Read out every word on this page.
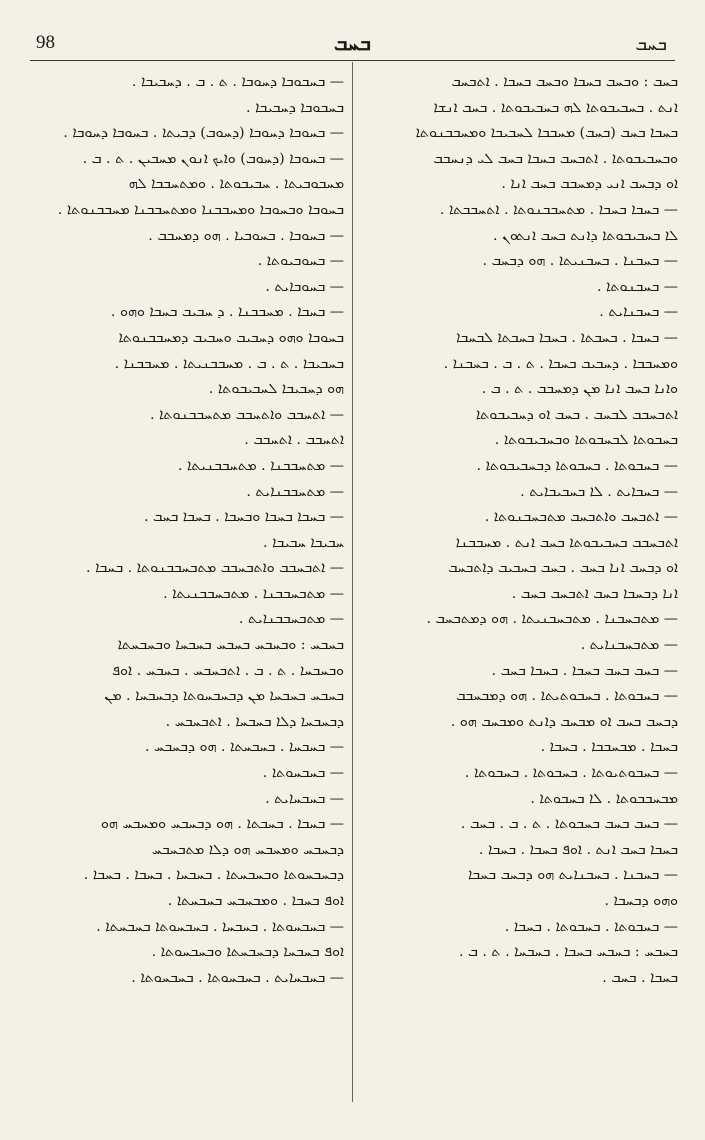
98	ܒܚܒ	ܒܚܒ
— ܒܚܒܘܒܐ ܕܚܘܒܐ . ܬ . ܒ . ܕܚܒܝܒܐ .
ܒܚܒܘܒܐ ܕܚܒܝܒܐ .
— ܒܚܘܒܐ ܕܚܘܒܐ (ܕܚܘܒ) ܕܒܝܬܐ . ܒܚܘܒܐ ܕܚܘܒܐ .
— ܒܚܘܒܐ (ܕܚܘܒ) ܘܐܝܟ ܐܢܘܢ ܡܚܒܝܢ . ܬ . ܒ .
ܡܚܒܘܒܝܬܐ . ܚܒܝܒܘܬܐ . ܘܡܬܚܒܒܐ ܠܗ
ܒܚܘܒܐ ܘܒܚܘܒܐ ܘܡܚܒܒܢܐ ܘܡܬܚܒܒܢܐ ܡܚܒܒܢܘܬܐ .
— ܒܚܘܒܐ . ܒܚܘܒܝܐ . ܗܘ ܕܡܚܒܒ .
— ܒܚܘܒܝܘܬܐ .
— ܒܚܘܒܐܝܬ .
— ܒܚܒܐ . ܡܚܒܒܢܐ . ܕ ܚܒܝܒ ܒܚܒܐ ܘܗܘ .
ܒܚܘܒܐ ܘܗܘ ܕܚܒܝܒ ܘܚܒܝܒ ܕܡܚܒܒܢܘܬܐ
ܒܚܒܝܒܐ . ܬ . ܒ . ܡܚܒܒܢܝܬܐ . ܡܚܒܒܢܐ .
ܗܘ ܕܚܒܝܒܐ ܠܚܒܝܒܘܬܐ .
— ܐܬܚܒܒ ܘܐܬܚܒܒ ܡܬܚܒܒܢܘܬܐ .
ܐܬܚܒܒ . ܐܬܚܒܒ .
— ܡܬܚܒܒܢܐ . ܡܬܚܒܒܢܝܬܐ .
— ܡܬܚܒܒܢܐܝܬ .
— ܒܚܒܐ ܒܚܒܐ ܘܒܚܒܐ . ܒܚܒܐ ܒܚܒ .
ܚܒܝܒܐ ܚܒܝܒܐ .
— ܐܬܒܚܒܒ ܘܐܬܒܚܒܒ ܡܬܒܚܒܒܢܘܬܐ . ܒܚܒܐ .
— ܡܬܒܚܒܒܢܐ . ܡܬܒܚܒܒܢܝܬܐ .
— ܡܬܒܚܒܒܢܐܝܬ .
ܒܚܒܚ : ܘܒܚܒܚ ܒܚܒܚ ܒܚܒܚܐ ܘܒܚܒܚܬܐ
ܘܒܚܒܚܐ . ܬ . ܒ . ܐܬܒܚܒܚ . ܒܚܒܚ . ܐܘܦ
ܒܚܒܚ ܒܚܒܚܐ ܡܢ ܕܒܚܒܚܘܬܐ ܕܒܚܒܚܐ . ܡܢ
ܕܒܚܒܚܐ ܕܠܐ ܒܚܒܚܐ . ܐܬܒܚܒܚ .
— ܒܚܒܚܐ . ܒܚܒܚܬܐ . ܗܘ ܕܒܚܒܚ .
— ܒܚܒܚܘܬܐ .
— ܒܚܒܚܐܝܬ .
— ܒܚܒܐ . ܒܚܒܬܐ . ܗܘ ܕܒܚܒܚ ܘܡܚܒܚ ܗܘ
ܕܒܚܒܚ ܘܡܚܒܚ ܗܘ ܕܠܐ ܡܬܒܚܒܚ
ܕܒܚܒܚܘܬܐ ܘܒܚܒܚܬܐ . ܒܚܒܚܐ . ܒܚܒܐ . ܒܚܒܐ .
ܐܘܦ ܒܚܒܐ . ܘܡܒܚܒܚ ܒܚܒܚܬܐ .
— ܒܚܒܚܘܬܐ . ܒܚܒܚܐ . ܒܚܒܚܘܬܐ ܒܚܒܚܬܐ .
ܐܘܦ ܒܚܒܚܐ ܕܒܚܒܚܬܐ ܘܒܚܒܚܘܬܐ .
— ܒܚܒܚܐܝܬ . ܒܚܒܚܘܬܐ . ܒܚܒܚܘܬܐ .
ܒܚܒ : ܘܒܚܒ ܒܚܒܐ ܘܒܚܒ ܒܚܒܐ . ܐܬܒܚܒ
ܐܢܬ . ܒܚܒܝܒܘܬܐ ܠܗ ܒܚܒܝܒܘܬܐ . ܒܚܒ ܐܢܫܐ
ܒܚܒܐ ܒܚܒ (ܒܚܒ) ܡܚܒܒܐ ܠܚܒܝܒܐ ܘܡܚܒܒܢܘܬܐ
ܘܒܚܒܝܒܘܬܐ . ܐܬܒܚܒ ܒܚܒܐ ܒܚܒ ܠܝ ܕܢܚܒܒ
ܐܘ ܕܒܚܒ ܐܢܝ ܕܡܚܒܒ ܒܚܒ ܐܢܐ .
— ܒܚܒܐ ܒܚܒܐ . ܡܬܚܒܒܢܘܬܐ . ܐܬܚܒܒܬܐ .
ܠܐ ܒܚܒܝܒܘܬܐ ܕܐܢܬ ܒܚܒ ܐܢܬܘܢ .
— ܒܚܒܢܐ . ܒܚܒܢܝܬܐ . ܗܘ ܕܒܚܒ .
— ܒܚܒܢܘܬܐ .
— ܒܚܒܢܐܝܬ .
— ܒܚܒܐ . ܒܚܒܬܐ . ܒܚܒܐ ܒܚܒܬܐ ܠܒܚܒܐ
ܘܡܚܒܒܐ . ܕܚܒܝܒ ܒܚܒܐ . ܬ . ܒ . ܒܚܒܢܐ .
ܘܐܢܐ ܒܚܒ ܐܢܐ ܡܢ ܕܡܚܒܒ . ܬ . ܒ .
ܐܬܒܚܒܒ ܠܒܚܒ . ܒܚܒ ܐܘ ܕܚܒܝܒܘܬܐ
ܒܚܒܘܬܐ ܠܒܚܒܘܬܐ ܘܒܚܒܝܒܘܬܐ .
— ܒܚܒܘܬܐ . ܒܚܒܘܬܐ ܕܒܚܒܝܒܘܬܐ .
— ܒܚܒܐܝܬ . ܠܐ ܒܚܒܝܒܐܝܬ .
— ܐܬܒܚܒ ܘܐܬܒܚܒ ܡܬܒܚܒܢܘܬܐ .
ܐܬܒܚܒܒ ܒܚܒܝܒܘܬܐ ܒܚܒ ܐܢܬ . ܡܚܒܒܢܐ
ܐܘ ܕܒܚܒ ܐܢܐ ܒܚܒ . ܒܚܒ ܒܚܒܝܒ ܕܐܬܒܚܒ
ܐܢܐ ܕܒܚܒܐ ܒܚܒ ܐܬܒܚܒ ܒܚܒ .
— ܡܬܒܚܒܢܐ . ܡܬܒܚܒܢܝܬܐ . ܗܘ ܕܡܬܒܚܒ .
— ܡܬܒܚܒܢܐܝܬ .
— ܒܚܒ ܒܚܒ ܒܚܒܐ . ܒܚܒܐ ܒܚܒ .
— ܒܚܒܘܬܐ . ܒܚܒܘܬܝܬܐ . ܗܘ ܕܡܒܚܒܒ
ܕܒܚܒ ܒܚܒ ܐܘ ܡܒܚܒ ܕܐܢܬ ܘܡܒܚܒ ܗܘ .
ܒܚܒܐ . ܡܒܚܒܒܐ . ܒܚܒܐ .
— ܒܚܒܘܬܝܘܬܐ . ܒܚܒܘܬܐ . ܒܚܒܘܬܐ .
ܡܒܚܒܒܘܬܐ . ܠܐ ܒܚܒܘܬܐ .
— ܒܚܒ ܒܚܒ ܒܚܒܘܬܐ . ܬ . ܒ . ܒܚܒ .
ܒܚܒܐ ܒܚܒ ܐܢܬ . ܐܘܦ ܒܚܒܐ . ܒܚܒܐ .
— ܒܚܒܢܐ . ܒܚܒܢܐܝܬ ܗܘ ܕܒܚܒ ܒܚܒܐ
ܘܗܘ ܕܒܚܒܐ .
— ܒܚܒܘܬܐ . ܒܚܒܘܬܐ . ܒܚܒܐ .
ܒܚܒܚ : ܒܚܒܚ ܒܚܒܐ . ܒܚܒܚܐ . ܬ . ܒ .
ܒܚܒܐ . ܒܚܒ .
